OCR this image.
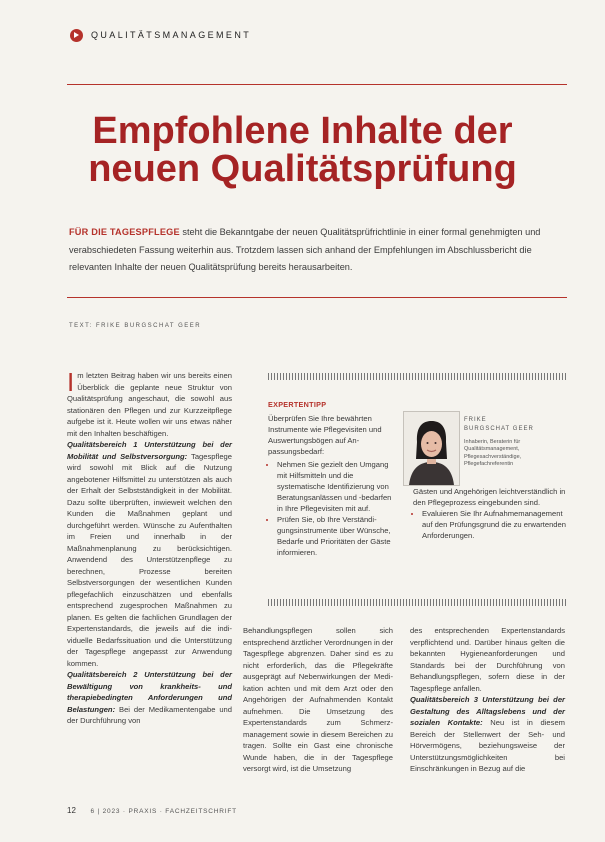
QUALITÄTSMANAGEMENT
Empfohlene Inhalte der
neuen Qualitätsprüfung
FÜR DIE TAGESPFLEGE steht die Bekanntgabe der neuen Qualitätsprüfrichtlinie in einer formal genehmigten und verabschiedeten Fassung weiterhin aus. Trotzdem lassen sich anhand der Empfehlungen im Abschlussbericht die relevanten Inhalte der neuen Qualitätsprüfung bereits herausarbeiten.
TEXT: FRIKE BURGSCHAT GEER

Im letzten Beitrag haben wir uns bereits einen Überblick die geplante neue Struktur von Qualitätsprüfung angeschaut, die sowohl aus stationären den Pflegen und zur Kurzzeitpflege aufgebe ist it. Heute wollen wir uns etwas näher mit den Inhalten beschäftigen.

Qualitätsbereich 1 Unterstützung bei der Mobilität und Selbstversorgung: Tagespflege wird sowohl mit Blick auf die Nutzung angebotener Hilfsmittel zu unterstützen als auch der Erhalt der Selbstständigkeit in der Mobilität. Dazu sollte überprüften, inwieweit welchen den Kunden die Maßnahmen geplant und durchgeführt werden. Wünsche zu Aufenthalten im Freien und innerhalb in der Maßnahmenplanung zu berücksichtigen. Anwendend des Unterstützenpflege zu berechnen, Prozesse bereiten Selbstversorgungen der wesentlichen Kunden pflegefachlich einzuschätzen und ebenfalls entsprechend zugesprochen Maßnahmen zu planen. Es gelten die fachlichen Grundlagen der Expertenstandards, die jeweils auf die individuelle Bedarfssituation und die Unterstützung der Tagespflege angepasst zur Anwendung kommen.

Qualitätsbereich 2 Unterstützung bei der Bewältigung von krankheits- und therapiebedingten Anforderungen und Belastungen: Bei der Medikamentengabe und der Durchführung von

EXPERTENTIPP
Überprüfen Sie Ihre bewährten Instrumente wie Pflegevisiten und Auswertungsbögen auf Anpassungsbedarf:
• Nehmen Sie gezielt den Umgang mit Hilfsmitteln und die systematische Identifizierung von Beratungsanlässen und -bedarfen in Ihre Pflegevisiten mit auf.
• Prüfen Sie, ob Ihre Verständigungsinstrumente über Wünsche, Bedarfe und Prioritäten der Gäste informieren.
FRIKE
BURGSCHAT GEER
Inhaberin, Beraterin für Qualitätsmanagement, Pflegesachverständige, Pflegefachreferentin
Gästen und Angehörigen leichtverständlich in den Pflegeprozess eingebunden sind.
• Evaluieren Sie Ihr Aufnahmemanagement auf den Prüfungsgrund die zu erwartenden Anforderungen.

Behandlungspflegen sollen sich entsprechend ärztlicher Verordnungen in der Tagespflege abgrenzen. Daher sind es zu nicht erforderlich, das die Pflegekräfte ausgeprägt auf Nebenwirkungen der Medikation achten und mit dem Arzt oder den Angehörigen der Aufnahmenden Kontakt aufnehmen. Die Umsetzung des Expertenstandards zum Schmerzmanagement sowie in diesem Bereichen zu tragen. Sollte ein Gast eine chronische Wunde haben, die in der Tagespflege versorgt wird, ist die Umsetzung

des entsprechenden Expertenstandards verpflichtend und. Darüber hinaus gelten die bekannten Hygieneanforderungen und Standards bei der Durchführung von Behandlungspflegen, sofern diese in der Tagespflege anfallen.

Qualitätsbereich 3 Unterstützung bei der Gestaltung des Alltagslebens und der sozialen Kontakte: Neu ist in diesem Bereich der Stellenwert der Seh- und Hörvermögens, beziehungsweise der Unterstützungsmöglichkeiten bei Einschränkungen in Bezug auf die

12 6 | 2023 · PRAXIS · FACHZEITSCHRIFT
